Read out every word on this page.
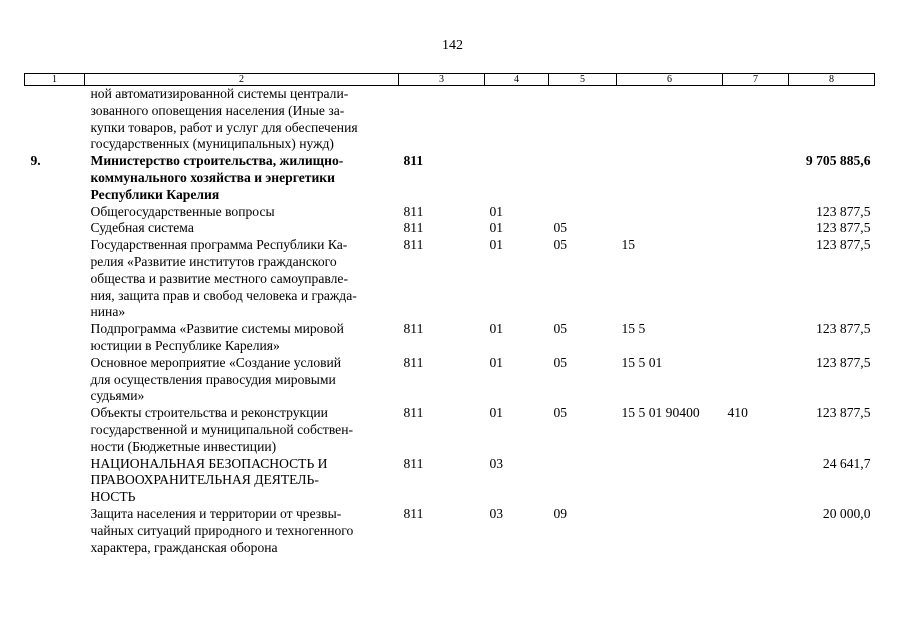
142
1	2	3	4	5	6	7	8
	ной автоматизированной системы централи-
зованного оповещения населения (Иные за-
купки товаров, работ и услуг для обеспечения
государственных (муниципальных) нужд)						
9.	Министерство строительства, жилищно-
коммунального хозяйства и энергетики
Республики Карелия	811					9 705 885,6
	Общегосударственные вопросы	811	01				123 877,5
	Судебная система	811	01	05			123 877,5
	Государственная программа Республики Ка-
релия «Развитие институтов гражданского
общества и развитие местного самоуправле-
ния, защита прав и свобод человека и гражда-
нина»	811	01	05	15		123 877,5
	Подпрограмма «Развитие системы мировой
юстиции в Республике Карелия»	811	01	05	15 5		123 877,5
	Основное мероприятие «Создание условий
для осуществления правосудия мировыми
судьями»	811	01	05	15 5 01		123 877,5
	Объекты строительства и реконструкции
государственной и муниципальной собствен-
ности (Бюджетные инвестиции)	811	01	05	15 5 01 90400	410	123 877,5
	НАЦИОНАЛЬНАЯ БЕЗОПАСНОСТЬ И
ПРАВООХРАНИТЕЛЬНАЯ ДЕЯТЕЛЬ-
НОСТЬ	811	03				24 641,7
	Защита населения и территории от чрезвы-
чайных ситуаций природного и техногенного
характера, гражданская оборона	811	03	09			20 000,0
